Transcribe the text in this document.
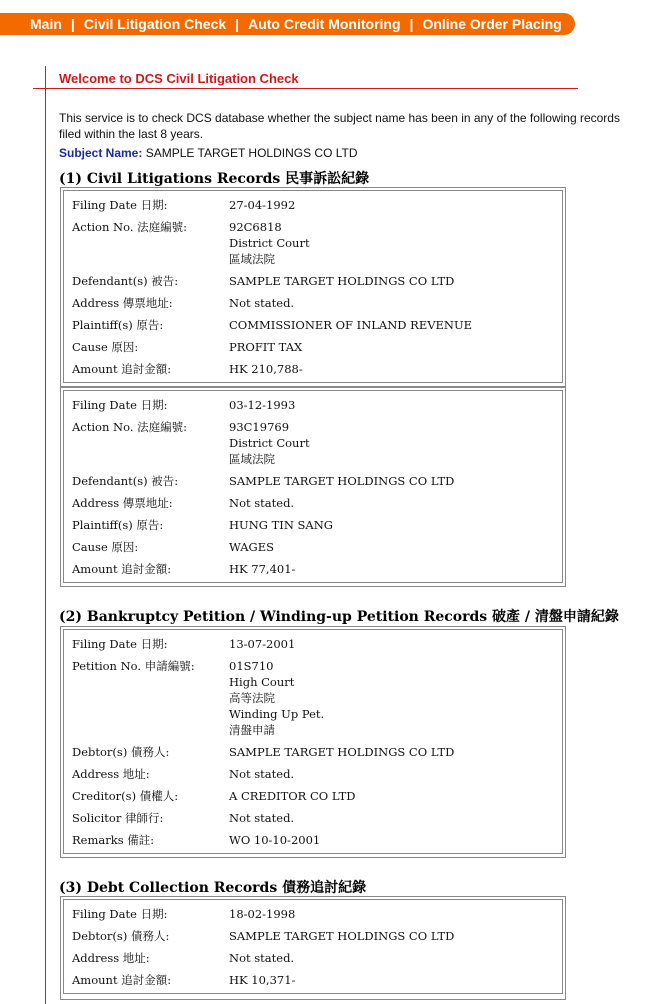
Main | Civil Litigation Check | Auto Credit Monitoring | Online Order Placing
Welcome to DCS Civil Litigation Check
This service is to check DCS database whether the subject name has been in any of the following records filed within the last 8 years.
Subject Name: SAMPLE TARGET HOLDINGS CO LTD
(1) Civil Litigations Records 民事訴訟紀錄
Filing Date 日期:	27-04-1992
Action No. 法庭編號:	92C6818
District Court
區域法院
Defendant(s) 被告:	SAMPLE TARGET HOLDINGS CO LTD
Address 傳票地址:	Not stated.
Plaintiff(s) 原告:	COMMISSIONER OF INLAND REVENUE
Cause 原因:	PROFIT TAX
Amount 追討金額:	HK 210,788-
Filing Date 日期:	03-12-1993
Action No. 法庭編號:	93C19769
District Court
區域法院
Defendant(s) 被告:	SAMPLE TARGET HOLDINGS CO LTD
Address 傳票地址:	Not stated.
Plaintiff(s) 原告:	HUNG TIN SANG
Cause 原因:	WAGES
Amount 追討金額:	HK 77,401-
(2) Bankruptcy Petition / Winding-up Petition Records 破產 / 清盤申請紀錄
Filing Date 日期:	13-07-2001
Petition No. 申請編號:	01S710
High Court
高等法院
Winding Up Pet.
清盤申請
Debtor(s) 債務人:	SAMPLE TARGET HOLDINGS CO LTD
Address 地址:	Not stated.
Creditor(s) 債權人:	A CREDITOR CO LTD
Solicitor 律師行:	Not stated.
Remarks 備註:	WO 10-10-2001
(3) Debt Collection Records 債務追討紀錄
Filing Date 日期:	18-02-1998
Debtor(s) 債務人:	SAMPLE TARGET HOLDINGS CO LTD
Address 地址:	Not stated.
Amount 追討金額:	HK 10,371-
